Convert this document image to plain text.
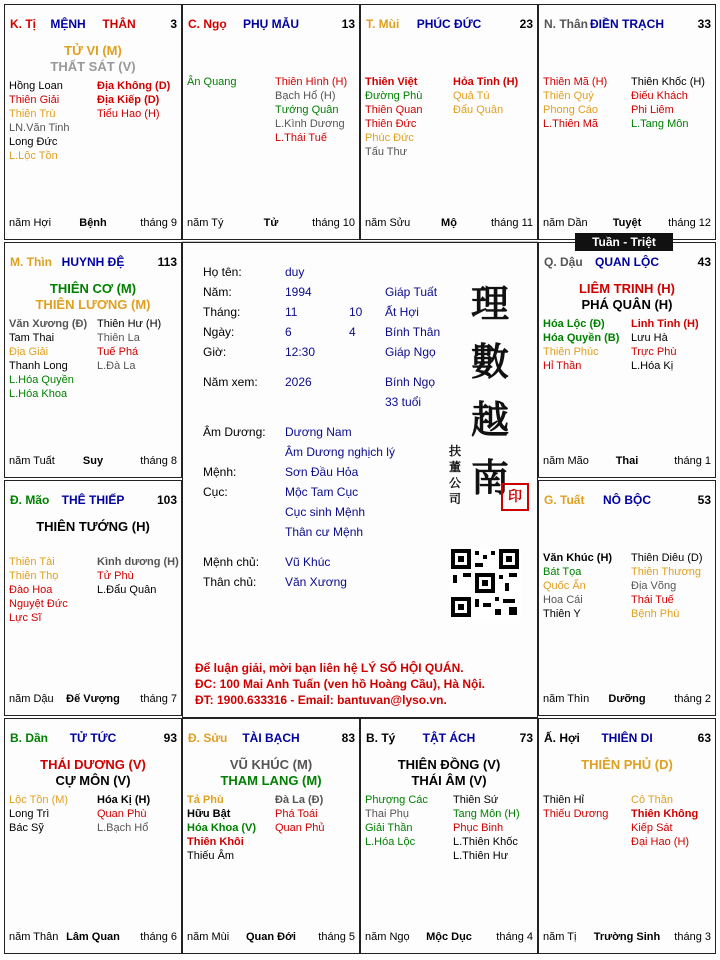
K. Tị	MỆNH THÂN	3
TỬ VI (M)
THẤT SÁT (V)
Hồng Loan
Thiên Giải
Thiên Trù
LN.Văn Tinh
Long Đức
L.Lộc Tồn
Địa Không (D)
Địa Kiếp (D)
Tiểu Hao (H)
năm Hợi	Bệnh	tháng 9
C. Ngọ	PHỤ MẪU	13
Ân Quang	Thiên Hình (H)
Bạch Hổ (H)
Tướng Quân
L.Kình Dương
L.Thái Tuế
năm Tý	Tử	tháng 10
T. Mùi	PHÚC ĐỨC	23
Thiên Việt
Đường Phù
Thiên Quan
Thiên Đức
Phúc Đức
Tấu Thư
Hỏa Tinh (H)
Quả Tú
Đẩu Quân
năm Sửu	Mộ	tháng 11
N. Thân ĐIỀN TRẠCH	33
Thiên Mã (H)
Thiên Quý
Phong Cáo
L.Thiên Mã
Thiên Khốc (H)
Điếu Khách
Phi Liêm
L.Tang Môn
năm Dần	Tuyệt	tháng 12
M. Thìn HUYNH ĐỆ	113
THIÊN CƠ (M)
THIÊN LƯƠNG (M)
Văn Xương (Đ)
Tam Thai
Địa Giải
Thanh Long
L.Hóa Quyền
L.Hóa Khoa
Thiên Hư (H)
Thiên La
Tuế Phá
L.Đà La
năm Tuất	Suy	tháng 8
Q. Dậu	QUAN LỘC	43
LIÊM TRINH (H)
PHÁ QUÂN (H)
Hóa Lộc (Đ)
Hóa Quyền (B)
Thiên Phúc
Hỉ Thần
Linh Tinh (H)
Lưu Hà
Trực Phù
L.Hóa Kị
năm Mão	Thai	tháng 1
Đ. Mão	THÊ THIẾP	103
THIÊN TƯỚNG (H)
Thiên Tài
Thiên Thọ
Đào Hoa
Nguyệt Đức
Lực Sĩ
Kình dương (H)
Tử Phù
L.Đẩu Quân
năm Dậu	Đế Vượng	tháng 7
G. Tuất	NÔ BỘC	53
Văn Khúc (H)
Bát Tọa
Quốc Ấn
Hoa Cái
Thiên Y
Thiên Diêu (D)
Thiên Thương
Địa Võng
Thái Tuế
Bệnh Phù
năm Thìn	Dưỡng	tháng 2
B. Dần	TỬ TỨC	93
THÁI DƯƠNG (V)
CỰ MÔN (V)
Lộc Tồn (M)
Long Trì
Bác Sỹ
Hóa Kị (H)
Quan Phù
L.Bạch Hổ
năm Thân Lâm Quan	tháng 6
Đ. Sửu	TÀI BẠCH	83
VŨ KHÚC (M)
THAM LANG (M)
Tả Phù
Hữu Bật
Hóa Khoa (V)
Thiên Khôi
Thiếu Âm
Đà La (Đ)
Phá Toái
Quan Phủ
năm Mùi	Quan Đới	tháng 5
B. Tý	TẬT ÁCH	73
THIÊN ĐỒNG (V)
THÁI ÂM (V)
Phượng Các
Thai Phụ
Giải Thần
L.Hóa Lộc
Thiên Sứ
Tang Môn (H)
Phục Binh
L.Thiên Khốc
L.Thiên Hư
năm Ngọ	Mộc Dục	tháng 4
Ấ. Hợi	THIÊN DI	63
THIÊN PHỦ (D)
Thiên Hỉ
Thiếu Dương
Cô Thần
Thiên Không
Kiếp Sát
Đại Hao (H)
năm Tị	Trường Sinh	tháng 3
Họ tên:	duy
Năm:	1994	Giáp Tuất
Tháng:	11	10 Ất Hợi
Ngày:	6	4 Bính Thân
Giờ:	12:30	Giáp Ngọ
Năm xem: 2026	Bính Ngọ
33 tuổi
Âm Dương: Dương Nam
Âm Dương nghịch lý
Mệnh:	Sơn Đầu Hỏa
Cục:	Mộc Tam Cục
Cục sinh Mệnh
Thân cư Mệnh
Mệnh chủ: Vũ Khúc
Thân chủ: Văn Xương
理
數
越
南
扶 董 公 司	印
Để luận giải, mời bạn liên hệ LÝ SỐ HỘI QUÁN.
ĐC: 100 Mai Anh Tuấn (ven hồ Hoàng Cầu), Hà Nội.
ĐT: 1900.633316 - Email: bantuvan@lyso.vn.
Tuần - Triệt
